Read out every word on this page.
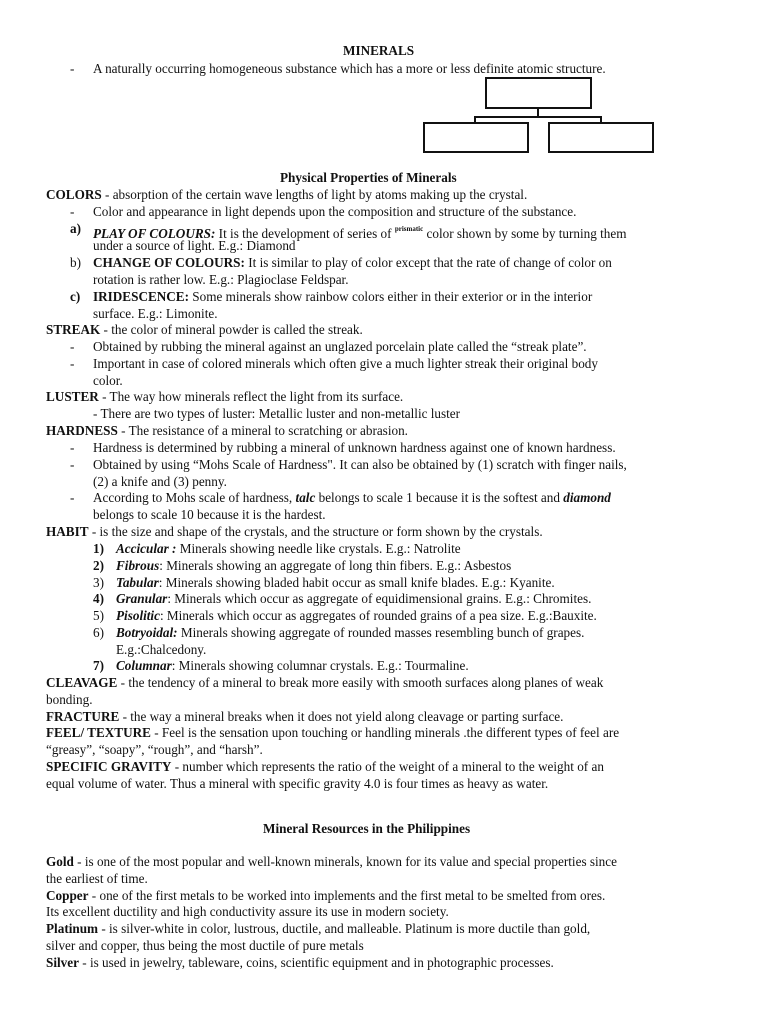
MINERALS
- A naturally occurring homogeneous substance which has a more or less definite atomic structure.
Physical Properties of Minerals
COLORS - absorption of the certain wave lengths of light by atoms making up the crystal.
- Color and appearance in light depends upon the composition and structure of the substance.
a) PLAY OF COLOURS: It is the development of series of $^{prismatic}$ color shown by some by turning them
under a source of light. E.g.: Diamond
b) CHANGE OF COLOURS: It is similar to play of color except that the rate of change of color on
rotation is rather low. E.g.: Plagioclase Feldspar.
c) IRIDESCENCE: Some minerals show rainbow colors either in their exterior or in the interior
surface. E.g.: Limonite.
STREAK - the color of mineral powder is called the streak.
- Obtained by rubbing the mineral against an unglazed porcelain plate called the “streak plate”.
- Important in case of colored minerals which often give a much lighter streak their original body
color.
LUSTER - The way how minerals reflect the light from its surface.
- There are two types of luster: Metallic luster and non-metallic luster
HARDNESS - The resistance of a mineral to scratching or abrasion.
- Hardness is determined by rubbing a mineral of unknown hardness against one of known hardness.
- Obtained by using “Mohs Scale of Hardness". It can also be obtained by (1) scratch with finger nails,
(2) a knife and (3) penny.
- According to Mohs scale of hardness, talc belongs to scale 1 because it is the softest and diamond
belongs to scale 10 because it is the hardest.
HABIT - is the size and shape of the crystals, and the structure or form shown by the crystals.
1) Accicular : Minerals showing needle like crystals. E.g.: Natrolite
2) Fibrous: Minerals showing an aggregate of long thin fibers. E.g.: Asbestos
3) Tabular: Minerals showing bladed habit occur as small knife blades. E.g.: Kyanite.
4) Granular: Minerals which occur as aggregate of equidimensional grains. E.g.: Chromites.
5) Pisolitic: Minerals which occur as aggregates of rounded grains of a pea size. E.g.:Bauxite.
6) Botryoidal: Minerals showing aggregate of rounded masses resembling bunch of grapes.
E.g.:Chalcedony.
7) Columnar: Minerals showing columnar crystals. E.g.: Tourmaline.
CLEAVAGE - the tendency of a mineral to break more easily with smooth surfaces along planes of weak
bonding.
FRACTURE - the way a mineral breaks when it does not yield along cleavage or parting surface.
FEEL/ TEXTURE - Feel is the sensation upon touching or handling minerals .the different types of feel are
“greasy”, “soapy”, “rough”, and “harsh”.
SPECIFIC GRAVITY - number which represents the ratio of the weight of a mineral to the weight of an
equal volume of water. Thus a mineral with specific gravity 4.0 is four times as heavy as water.
Mineral Resources in the Philippines
Gold - is one of the most popular and well-known minerals, known for its value and special properties since
the earliest of time.
Copper - one of the first metals to be worked into implements and the first metal to be smelted from ores.
Its excellent ductility and high conductivity assure its use in modern society.
Platinum - is silver-white in color, lustrous, ductile, and malleable. Platinum is more ductile than gold,
silver and copper, thus being the most ductile of pure metals
Silver - is used in jewelry, tableware, coins, scientific equipment and in photographic processes.
